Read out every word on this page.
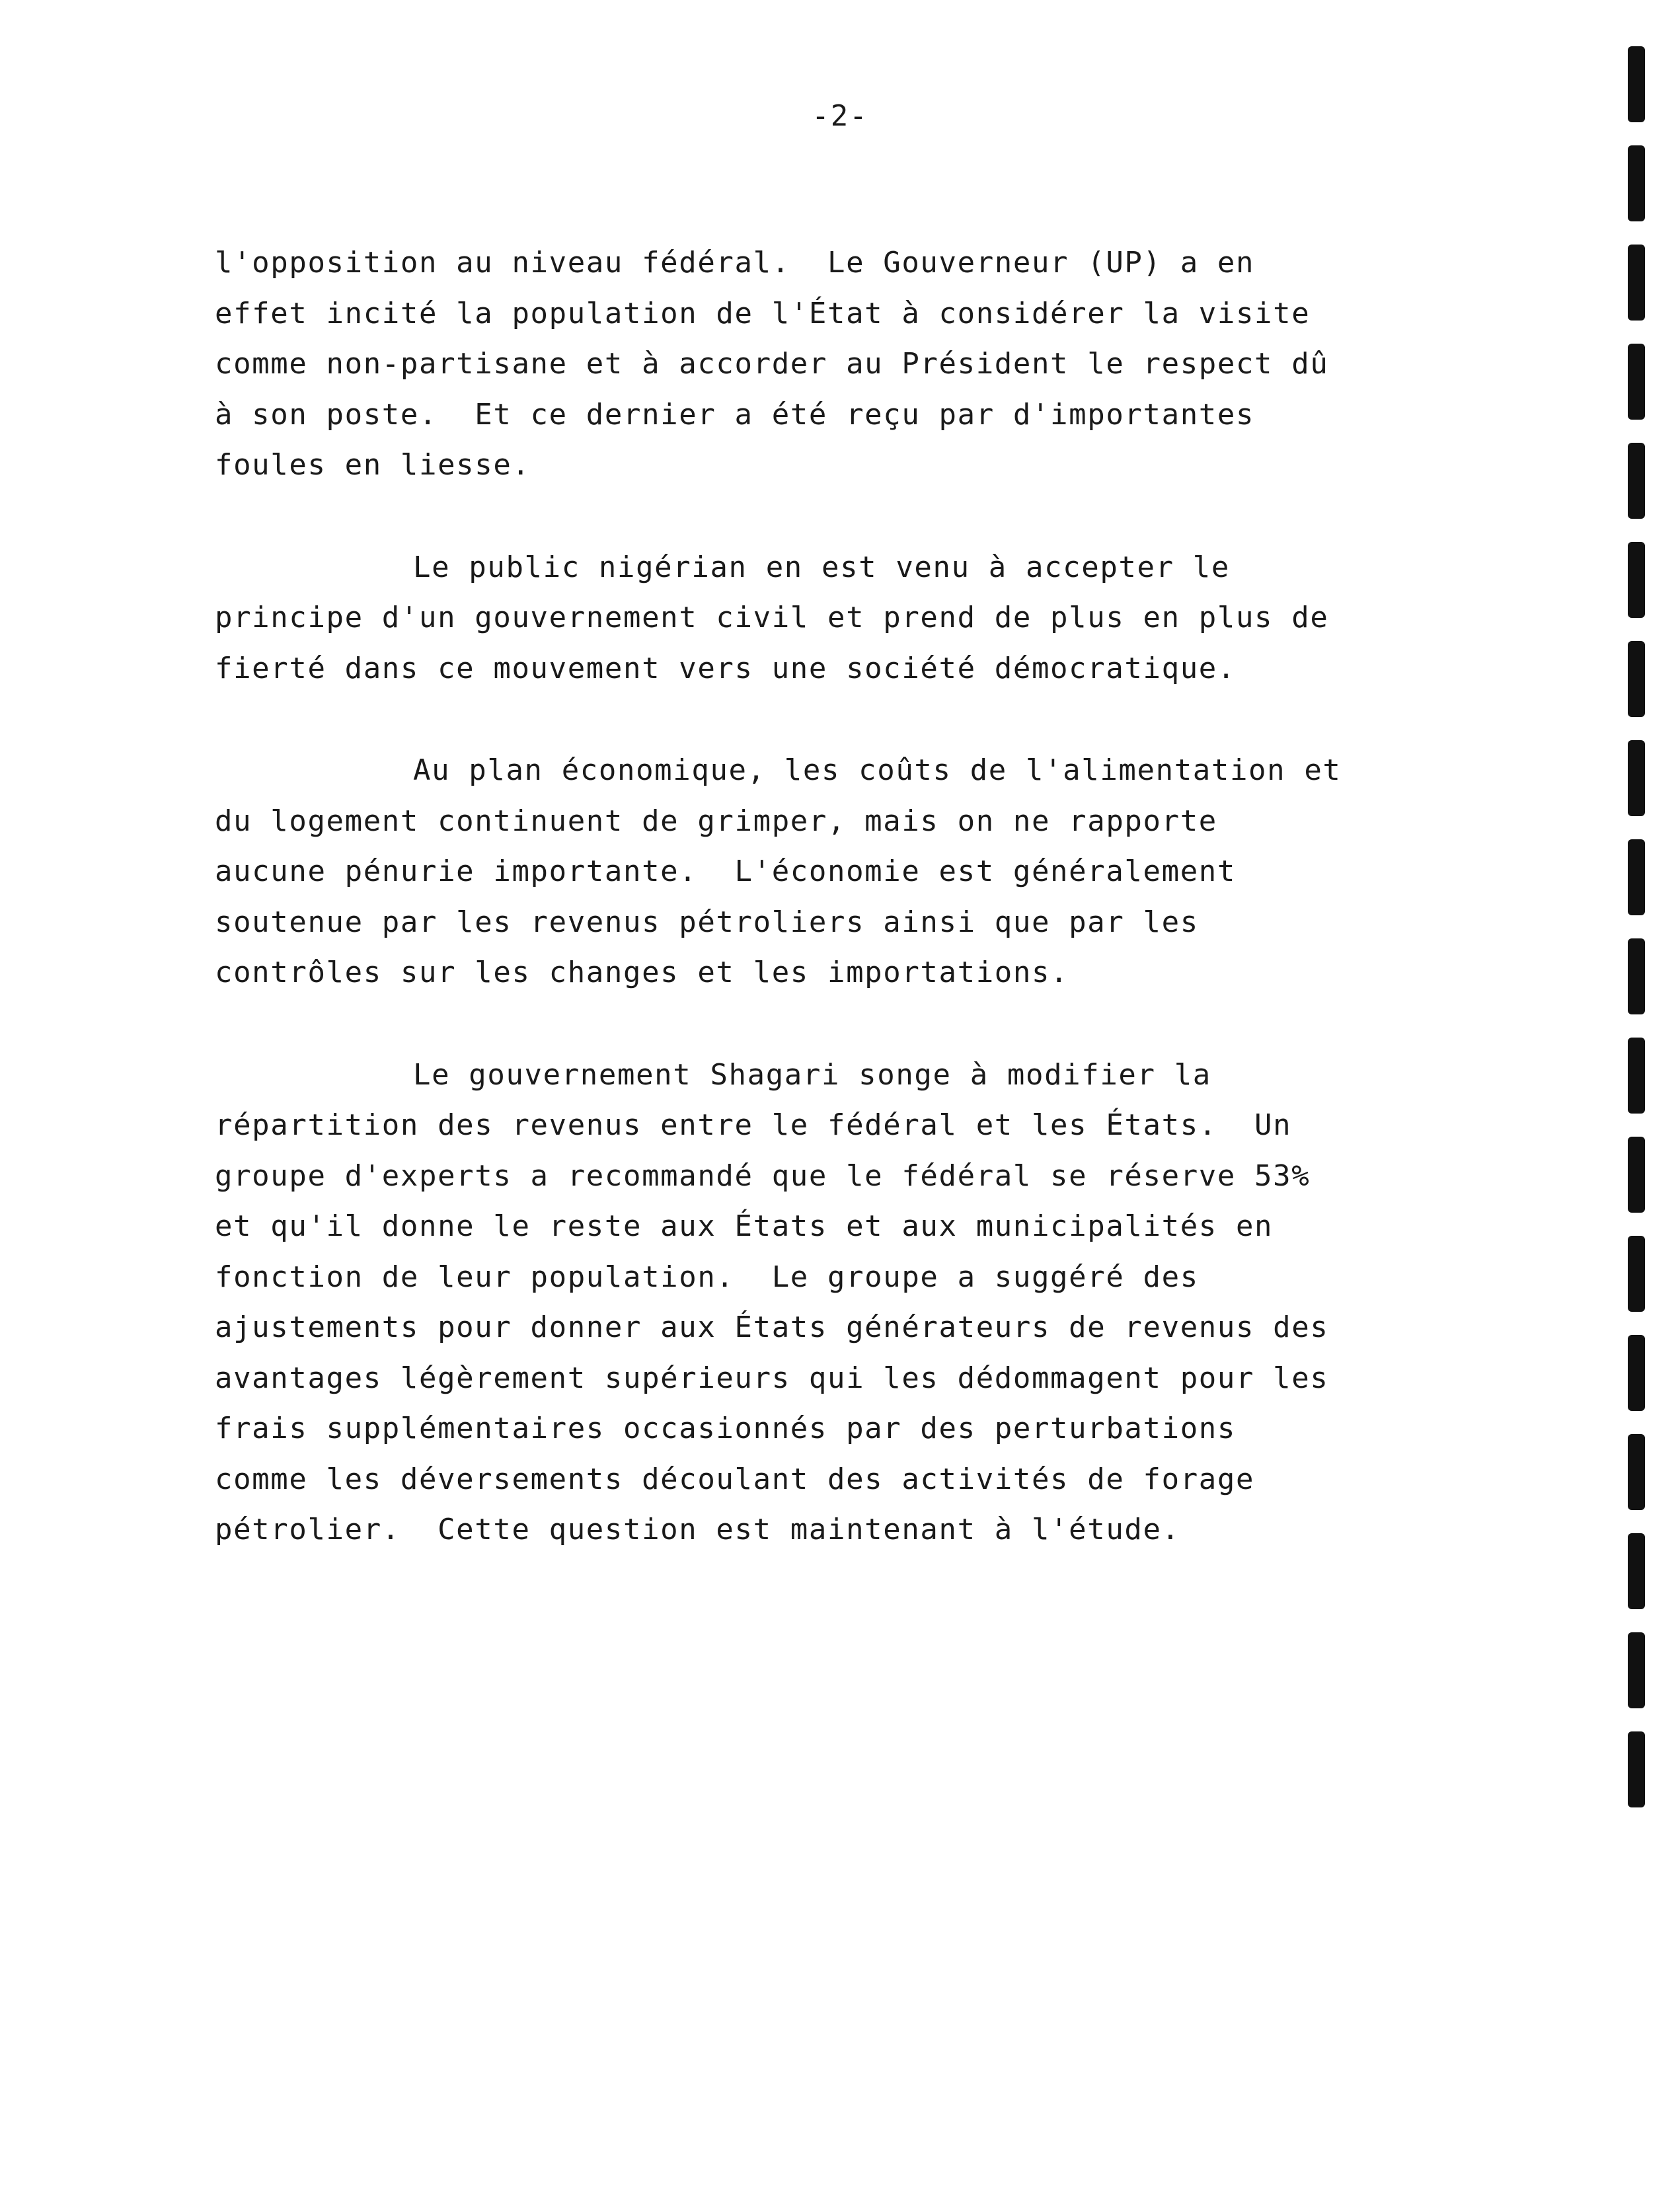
-2-

l'opposition au niveau fédéral.  Le Gouverneur (UP) a en
effet incité la population de l'État à considérer la visite
comme non-partisane et à accorder au Président le respect dû
à son poste.  Et ce dernier a été reçu par d'importantes
foules en liesse.

Le public nigérian en est venu à accepter le
principe d'un gouvernement civil et prend de plus en plus de
fierté dans ce mouvement vers une société démocratique.

Au plan économique, les coûts de l'alimentation et
du logement continuent de grimper, mais on ne rapporte
aucune pénurie importante.  L'économie est généralement
soutenue par les revenus pétroliers ainsi que par les
contrôles sur les changes et les importations.

Le gouvernement Shagari songe à modifier la
répartition des revenus entre le fédéral et les États.  Un
groupe d'experts a recommandé que le fédéral se réserve 53%
et qu'il donne le reste aux États et aux municipalités en
fonction de leur population.  Le groupe a suggéré des
ajustements pour donner aux États générateurs de revenus des
avantages légèrement supérieurs qui les dédommagent pour les
frais supplémentaires occasionnés par des perturbations
comme les déversements découlant des activités de forage
pétrolier.  Cette question est maintenant à l'étude.
